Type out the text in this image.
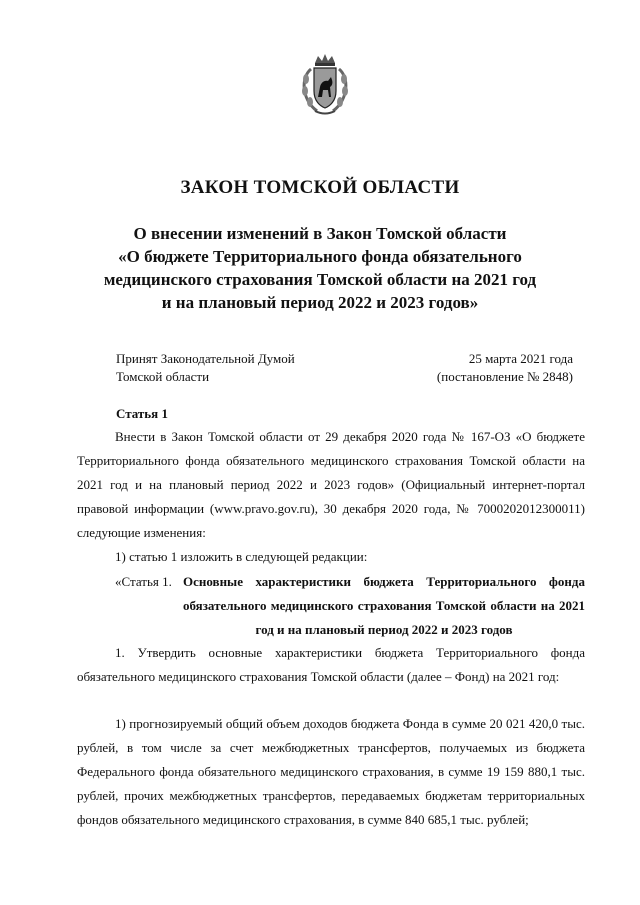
ЗАКОН ТОМСКОЙ ОБЛАСТИ
О внесении изменений в Закон Томской области
«О бюджете Территориального фонда обязательного
медицинского страхования Томской области на 2021 год
и на плановый период 2022 и 2023 годов»
Принят Законодательной Думой
Томской области
25 марта 2021 года
(постановление № 2848)
Статья 1

Внести в Закон Томской области от 29 декабря 2020 года № 167-ОЗ «О бюджете Территориального фонда обязательного медицинского страхования Томской области на 2021 год и на плановый период 2022 и 2023 годов» (Официальный интернет-портал правовой информации (www.pravo.gov.ru), 30 декабря 2020 года, № 7000202012300011) следующие изменения:

1) статью 1 изложить в следующей редакции:

«Статья 1. Основные характеристики бюджета Территориального фонда обязательного медицинского страхования Томской области на 2021 год и на плановый период 2022 и 2023 годов

1. Утвердить основные характеристики бюджета Территориального фонда обязательного медицинского страхования Томской области (далее – Фонд) на 2021 год:

1) прогнозируемый общий объем доходов бюджета Фонда в сумме 20 021 420,0 тыс. рублей, в том числе за счет межбюджетных трансфертов, получаемых из бюджета Федерального фонда обязательного медицинского страхования, в сумме 19 159 880,1 тыс. рублей, прочих межбюджетных трансфертов, передаваемых бюджетам территориальных фондов обязательного медицинского страхования, в сумме 840 685,1 тыс. рублей;
